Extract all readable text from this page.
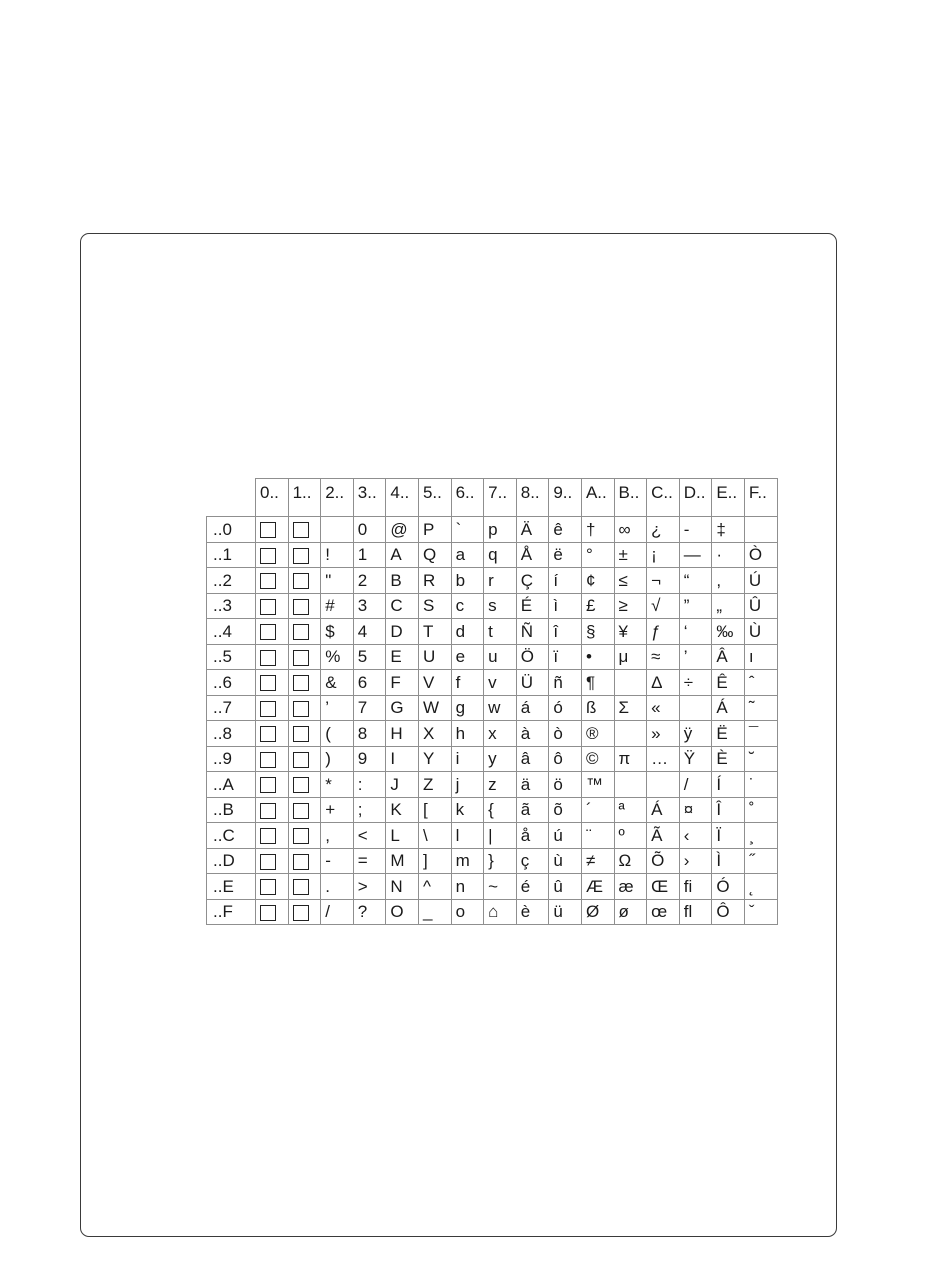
	0..	1..	2..	3..	4..	5..	6..	7..	8..	9..	A..	B..	C..	D..	E..	F..
..0				0	@	P	`	p	Ä	ê	†	∞	¿	-	‡	
..1			!	1	A	Q	a	q	Å	ë	°	±	¡	—	·	Ò
..2			"	2	B	R	b	r	Ç	í	¢	≤	¬	“	,	Ú
..3			#	3	C	S	c	s	É	ì	£	≥	√	”	„	Û
..4			$	4	D	T	d	t	Ñ	î	§	¥	ƒ	‘	‰	Ù
..5			%	5	E	U	e	u	Ö	ï	•	μ	≈	’	Â	ı
..6			&	6	F	V	f	v	Ü	ñ	¶		Δ	÷	Ê	ˆ
..7			’	7	G	W	g	w	á	ó	ß	Σ	«		Á	˜
..8			(	8	H	X	h	x	à	ò	®		»	ÿ	Ë	¯
..9			)	9	I	Y	i	y	â	ô	©	π	…	Ÿ	È	˘
..A			*	:	J	Z	j	z	ä	ö	™			/	Í	˙
..B			+	;	K	[	k	{	ã	õ	´	ª	Á	¤	Î	˚
..C			,	<	L	\	l	|	å	ú	¨	º	Ã	‹	Ï	¸
..D			-	=	M	]	m	}	ç	ù	≠	Ω	Õ	›	Ì	˝
..E			.	>	N	^	n	~	é	û	Æ	æ	Œ	ﬁ	Ó	˛
..F			/	?	O	_	o	⌂	è	ü	Ø	ø	œ	ﬂ	Ô	ˇ
